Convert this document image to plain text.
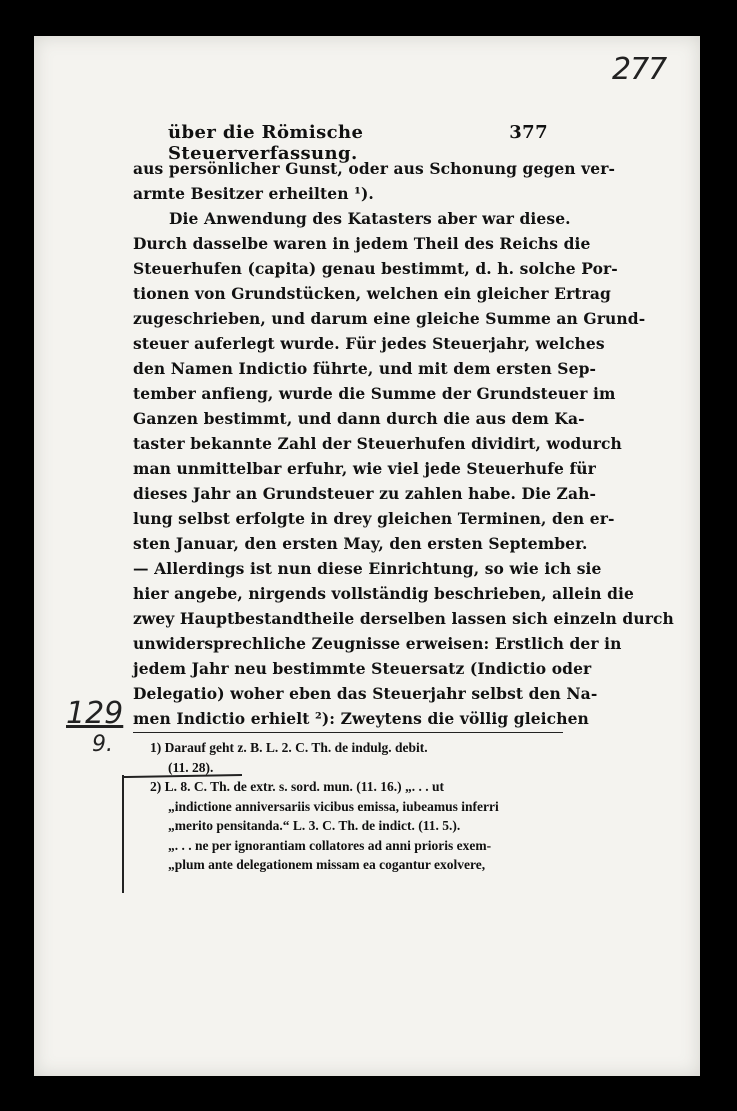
277
129
9.
über die Römische Steuerverfassung.
377
aus persönlicher Gunst, oder aus Schonung gegen ver-
armte Besitzer erheilten ¹).
Die Anwendung des Katasters aber war diese.
Durch dasselbe waren in jedem Theil des Reichs die
Steuerhufen (capita) genau bestimmt, d. h. solche Por-
tionen von Grundstücken, welchen ein gleicher Ertrag
zugeschrieben, und darum eine gleiche Summe an Grund-
steuer auferlegt wurde. Für jedes Steuerjahr, welches
den Namen Indictio führte, und mit dem ersten Sep-
tember anfieng, wurde die Summe der Grundsteuer im
Ganzen bestimmt, und dann durch die aus dem Ka-
taster bekannte Zahl der Steuerhufen dividirt, wodurch
man unmittelbar erfuhr, wie viel jede Steuerhufe für
dieses Jahr an Grundsteuer zu zahlen habe. Die Zah-
lung selbst erfolgte in drey gleichen Terminen, den er-
sten Januar, den ersten May, den ersten September.
— Allerdings ist nun diese Einrichtung, so wie ich sie
hier angebe, nirgends vollständig beschrieben, allein die
zwey Hauptbestandtheile derselben lassen sich einzeln durch
unwidersprechliche Zeugnisse erweisen: Erstlich der in
jedem Jahr neu bestimmte Steuersatz (Indictio oder
Delegatio) woher eben das Steuerjahr selbst den Na-
men Indictio erhielt ²): Zweytens die völlig gleichen
1) Darauf geht z. B. L. 2. C. Th. de indulg. debit.
(11. 28).
2) L. 8. C. Th. de extr. s. sord. mun. (11. 16.) „. . . ut
„indictione anniversariis vicibus emissa, iubeamus inferri
„merito pensitanda.“ L. 3. C. Th. de indict. (11. 5.).
„. . . ne per ignorantiam collatores ad anni prioris exem-
„plum ante delegationem missam ea cogantur exolvere,
